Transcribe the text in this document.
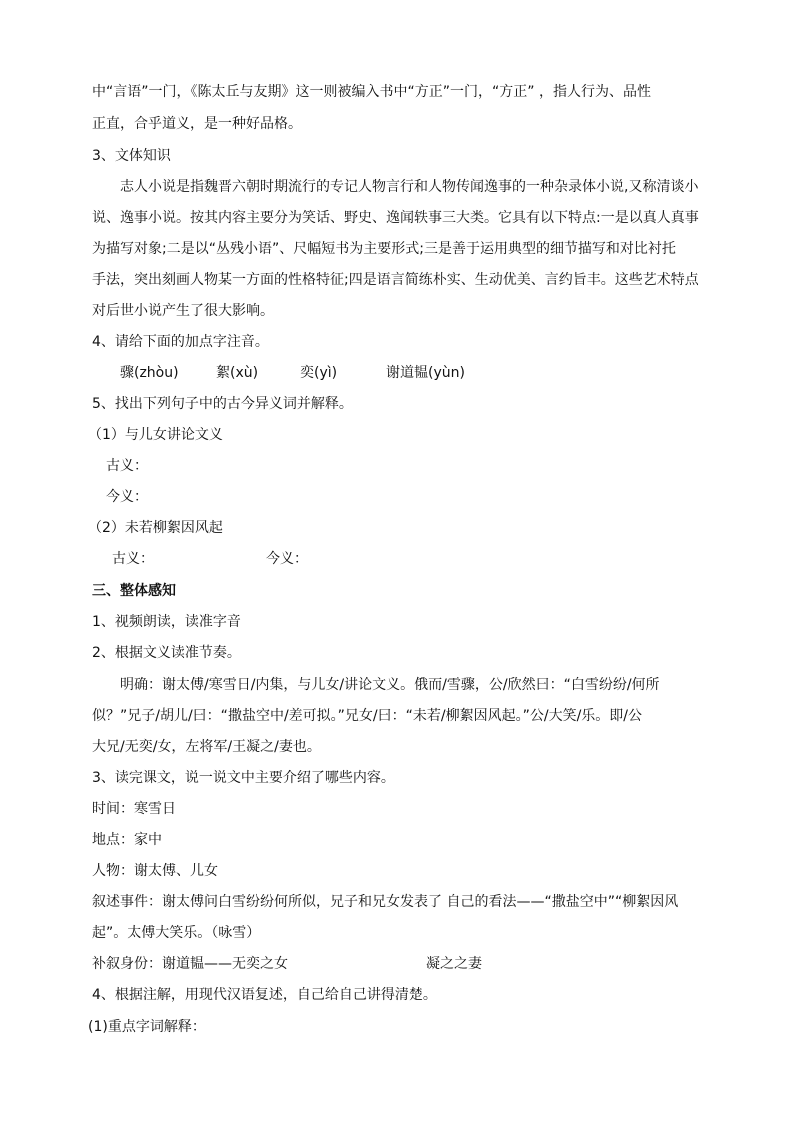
中“言语”一门，《陈太丘与友期》这一则被编入书中“方正”一门，“方正” ，指人行为、品性
正直，合乎道义，是一种好品格。
3、文体知识
志人小说是指魏晋六朝时期流行的专记人物言行和人物传闻逸事的一种杂录体小说,又称清谈小
说、逸事小说。按其内容主要分为笑话、野史、逸闻轶事三大类。它具有以下特点:一是以真人真事
为描写对象;二是以“丛残小语”、尺幅短书为主要形式;三是善于运用典型的细节描写和对比衬托
手法，突出刻画人物某一方面的性格特征;四是语言简练朴实、生动优美、言约旨丰。这些艺术特点
对后世小说产生了很大影响。
4、请给下面的加点字注音。
骤(zhòu)	絮(xù)	奕(yì)	谢道韫(yùn)
5、找出下列句子中的古今异义词并解释。
（1）与儿女讲论文义
古义：
今义：
（2）未若柳絮因风起
古义：	今义：
三、整体感知
1、视频朗读，读准字音
2、根据文义读准节奏。
明确：谢太傅/寒雪日/内集，与儿女/讲论文义。俄而/雪骤，公/欣然曰：“白雪纷纷/何所
似？”兄子/胡儿/曰：“撒盐空中/差可拟。”兄女/曰：“未若/柳絮因风起。”公/大笑/乐。即/公
大兄/无奕/女，左将军/王凝之/妻也。
3、读完课文，说一说文中主要介绍了哪些内容。
时间：寒雪日
地点：家中
人物：谢太傅、儿女
叙述事件：谢太傅问白雪纷纷何所似，兄子和兄女发表了 自己的看法——“撒盐空中”“柳絮因风
起”。太傅大笑乐。（咏雪）
补叙身份：谢道韫——无奕之女	凝之之妻
4、根据注解，用现代汉语复述，自己给自己讲得清楚。
(1)重点字词解释：
